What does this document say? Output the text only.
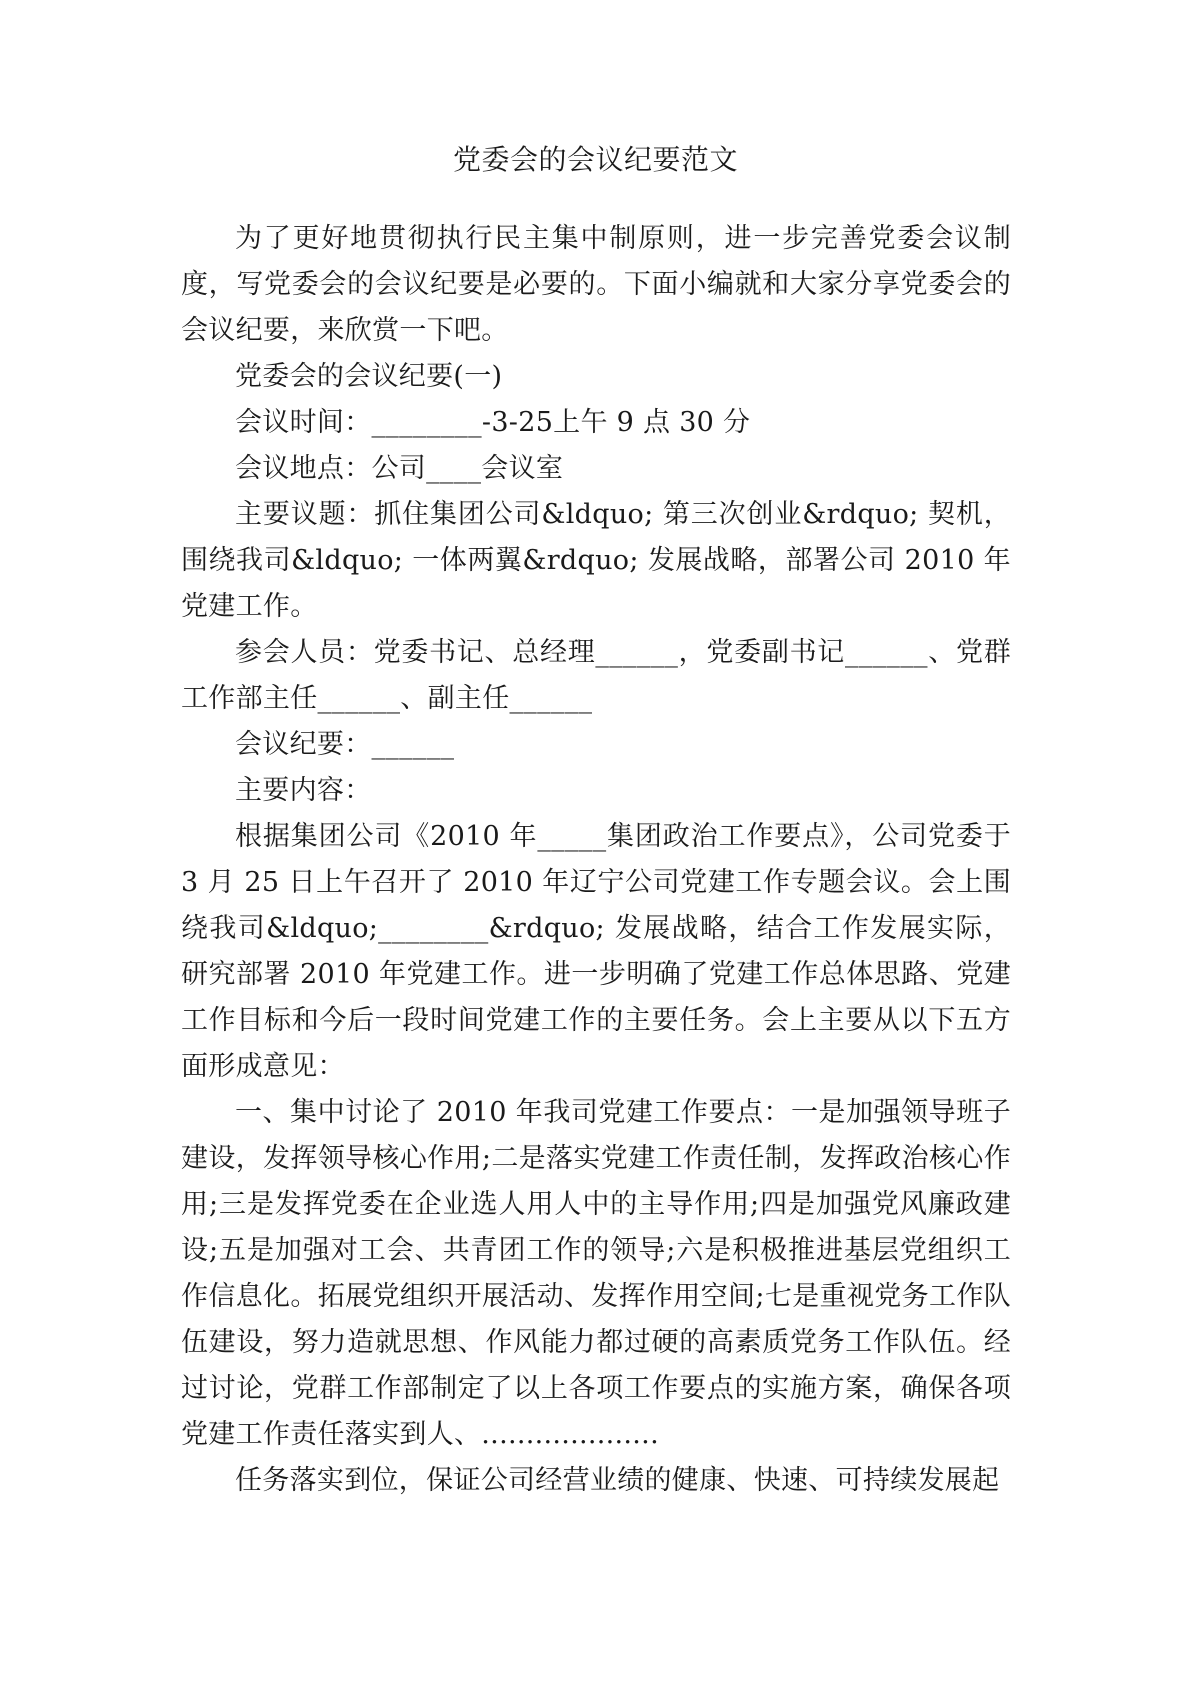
党委会的会议纪要范文

为了更好地贯彻执行民主集中制原则，进一步完善党委会议制度，写党委会的会议纪要是必要的。下面小编就和大家分享党委会的会议纪要，来欣赏一下吧。

党委会的会议纪要(一)

会议时间：________-3-25上午 9 点 30 分

会议地点：公司____会议室

主要议题：抓住集团公司&ldquo; 第三次创业&rdquo; 契机，围绕我司&ldquo; 一体两翼&rdquo; 发展战略，部署公司 2010 年党建工作。

参会人员：党委书记、总经理______，党委副书记______、党群工作部主任______、副主任______

会议纪要：______

主要内容：

根据集团公司《2010 年_____集团政治工作要点》，公司党委于 3 月 25 日上午召开了 2010 年辽宁公司党建工作专题会议。会上围绕我司&ldquo;________&rdquo; 发展战略，结合工作发展实际，研究部署 2010 年党建工作。进一步明确了党建工作总体思路、党建工作目标和今后一段时间党建工作的主要任务。会上主要从以下五方面形成意见：

一、集中讨论了 2010 年我司党建工作要点：一是加强领导班子建设，发挥领导核心作用;二是落实党建工作责任制，发挥政治核心作用;三是发挥党委在企业选人用人中的主导作用;四是加强党风廉政建设;五是加强对工会、共青团工作的领导;六是积极推进基层党组织工作信息化。拓展党组织开展活动、发挥作用空间;七是重视党务工作队伍建设，努力造就思想、作风能力都过硬的高素质党务工作队伍。经过讨论，党群工作部制定了以上各项工作要点的实施方案，确保各项党建工作责任落实到人、....................

任务落实到位，保证公司经营业绩的健康、快速、可持续发展起
